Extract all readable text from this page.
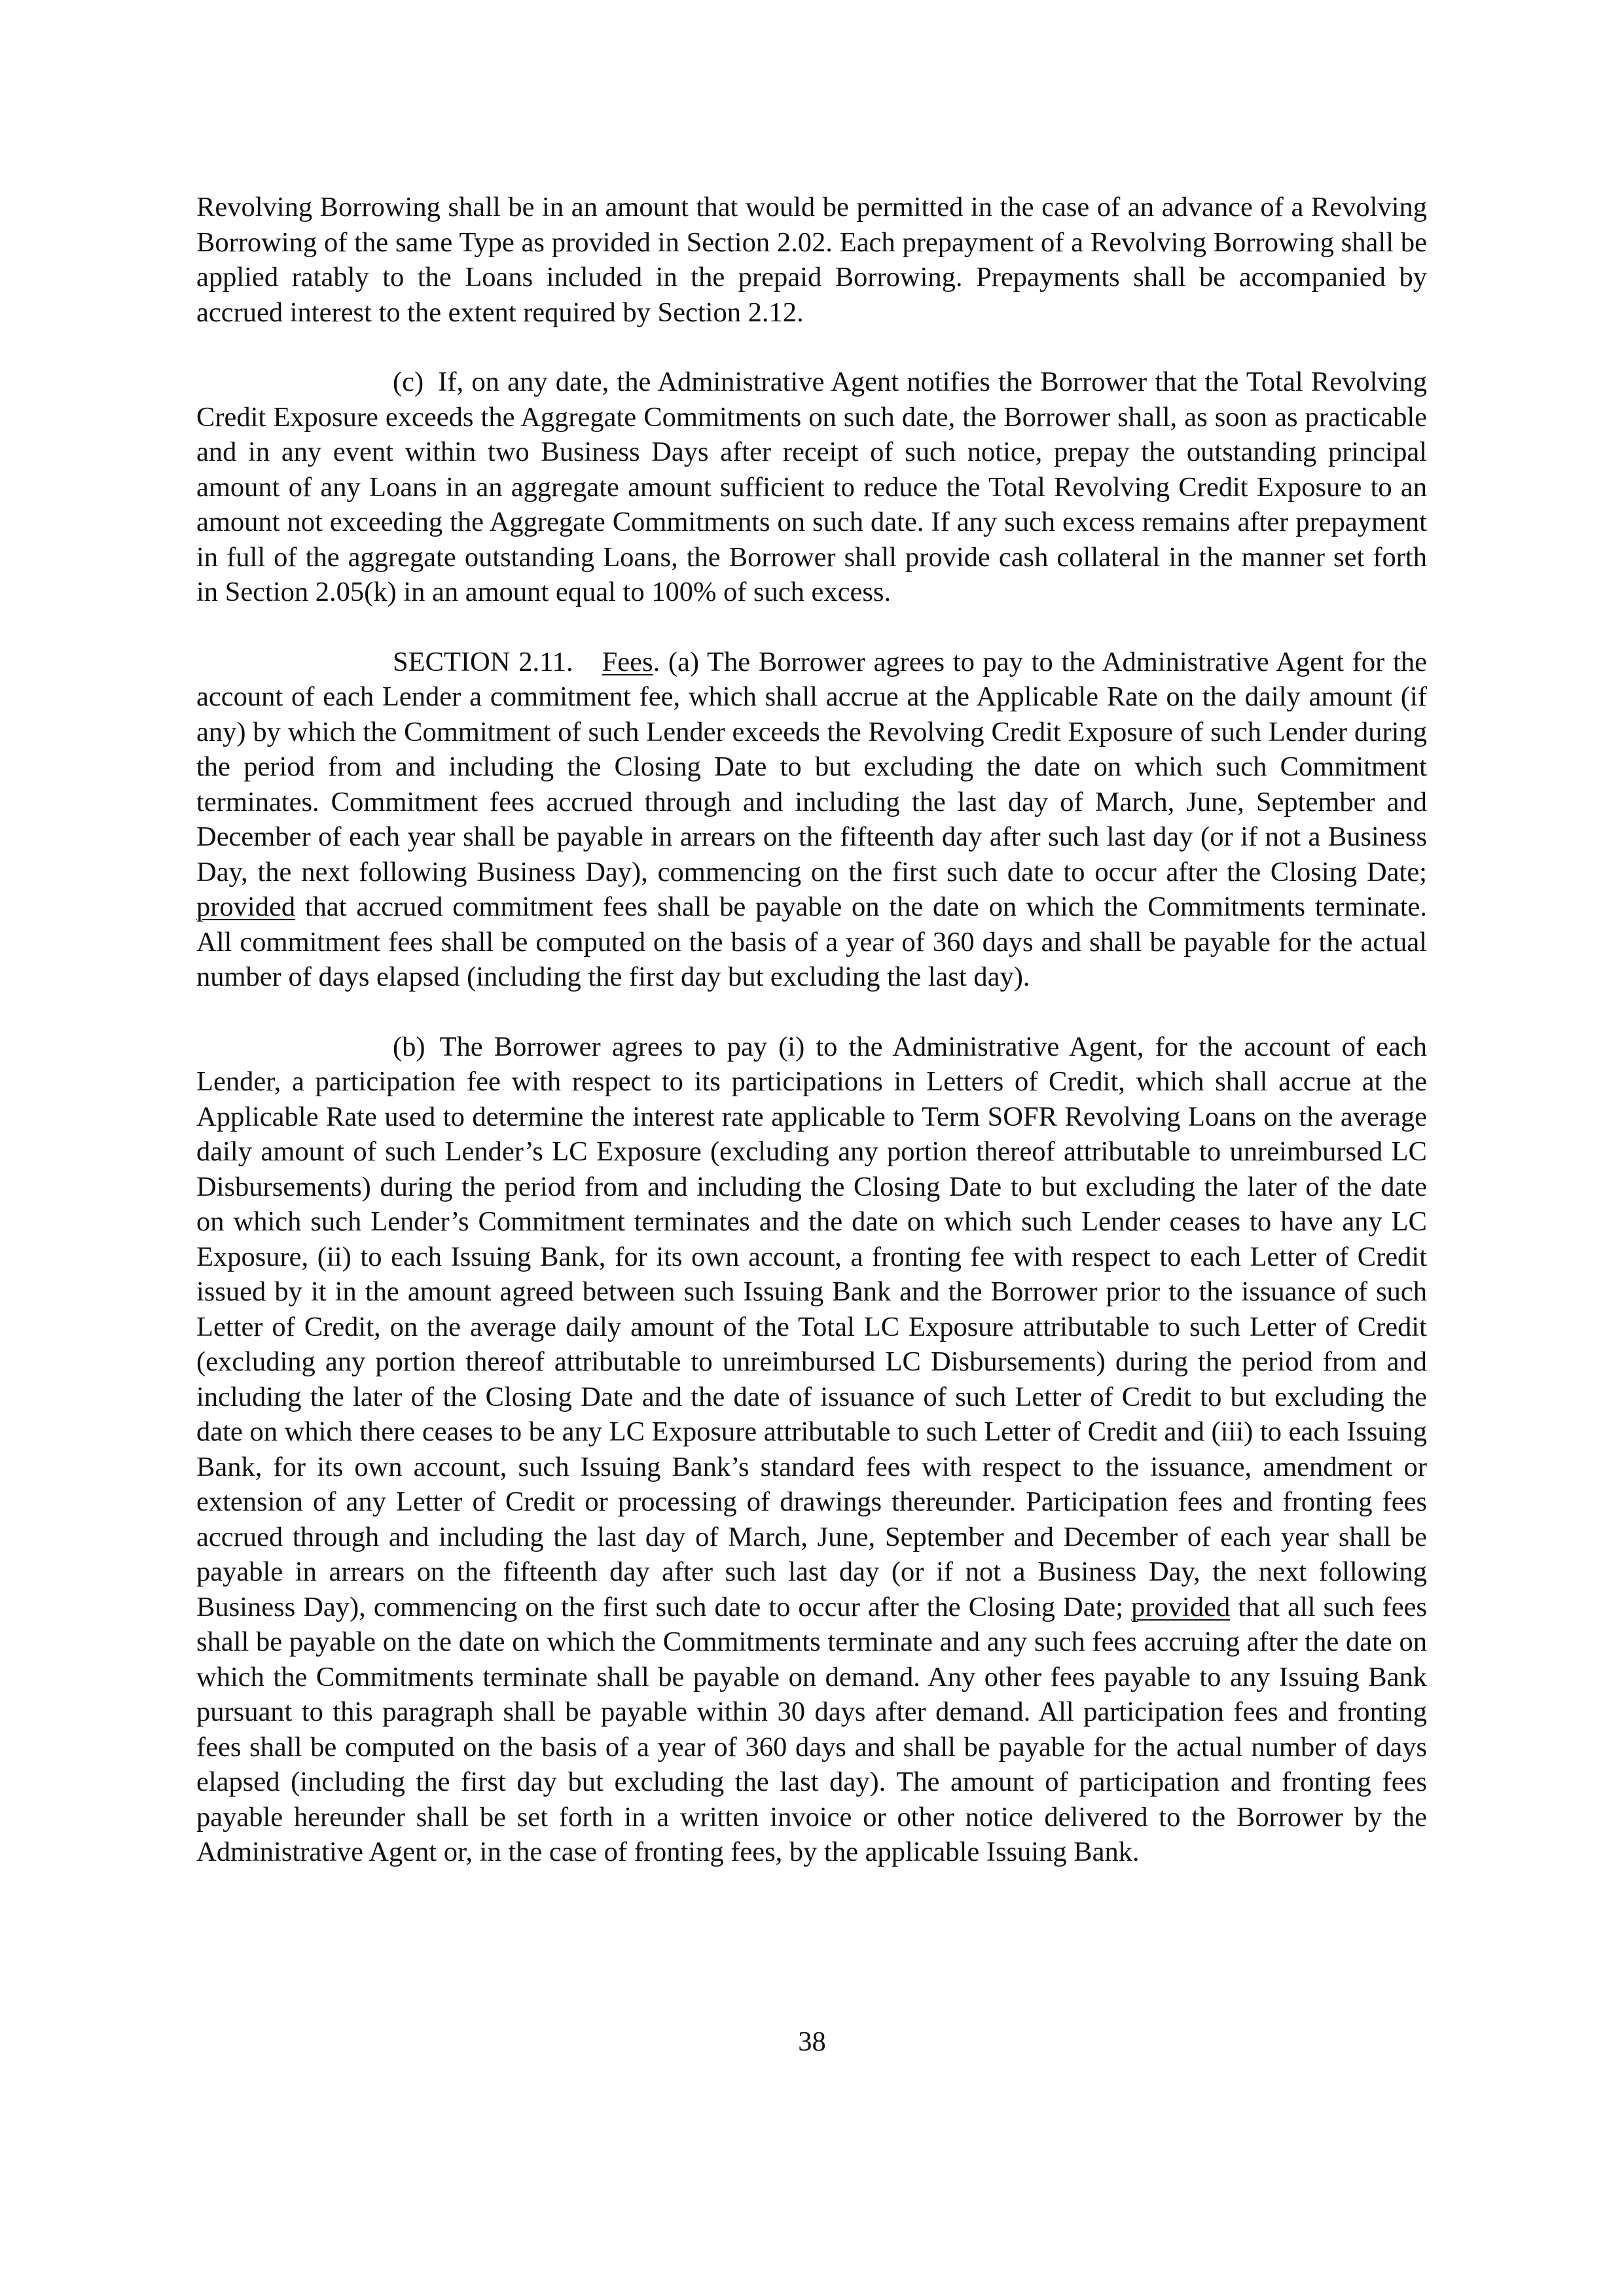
Revolving Borrowing shall be in an amount that would be permitted in the case of an advance of a Revolving Borrowing of the same Type as provided in Section 2.02. Each prepayment of a Revolving Borrowing shall be applied ratably to the Loans included in the prepaid Borrowing. Prepayments shall be accompanied by accrued interest to the extent required by Section 2.12.

(c) If, on any date, the Administrative Agent notifies the Borrower that the Total Revolving Credit Exposure exceeds the Aggregate Commitments on such date, the Borrower shall, as soon as practicable and in any event within two Business Days after receipt of such notice, prepay the outstanding principal amount of any Loans in an aggregate amount sufficient to reduce the Total Revolving Credit Exposure to an amount not exceeding the Aggregate Commitments on such date. If any such excess remains after prepayment in full of the aggregate outstanding Loans, the Borrower shall provide cash collateral in the manner set forth in Section 2.05(k) in an amount equal to 100% of such excess.

SECTION 2.11. Fees. (a) The Borrower agrees to pay to the Administrative Agent for the account of each Lender a commitment fee, which shall accrue at the Applicable Rate on the daily amount (if any) by which the Commitment of such Lender exceeds the Revolving Credit Exposure of such Lender during the period from and including the Closing Date to but excluding the date on which such Commitment terminates. Commitment fees accrued through and including the last day of March, June, September and December of each year shall be payable in arrears on the fifteenth day after such last day (or if not a Business Day, the next following Business Day), commencing on the first such date to occur after the Closing Date; provided that accrued commitment fees shall be payable on the date on which the Commitments terminate. All commitment fees shall be computed on the basis of a year of 360 days and shall be payable for the actual number of days elapsed (including the first day but excluding the last day).

(b) The Borrower agrees to pay (i) to the Administrative Agent, for the account of each Lender, a participation fee with respect to its participations in Letters of Credit, which shall accrue at the Applicable Rate used to determine the interest rate applicable to Term SOFR Revolving Loans on the average daily amount of such Lender’s LC Exposure (excluding any portion thereof attributable to unreimbursed LC Disbursements) during the period from and including the Closing Date to but excluding the later of the date on which such Lender’s Commitment terminates and the date on which such Lender ceases to have any LC Exposure, (ii) to each Issuing Bank, for its own account, a fronting fee with respect to each Letter of Credit issued by it in the amount agreed between such Issuing Bank and the Borrower prior to the issuance of such Letter of Credit, on the average daily amount of the Total LC Exposure attributable to such Letter of Credit (excluding any portion thereof attributable to unreimbursed LC Disbursements) during the period from and including the later of the Closing Date and the date of issuance of such Letter of Credit to but excluding the date on which there ceases to be any LC Exposure attributable to such Letter of Credit and (iii) to each Issuing Bank, for its own account, such Issuing Bank’s standard fees with respect to the issuance, amendment or extension of any Letter of Credit or processing of drawings thereunder. Participation fees and fronting fees accrued through and including the last day of March, June, September and December of each year shall be payable in arrears on the fifteenth day after such last day (or if not a Business Day, the next following Business Day), commencing on the first such date to occur after the Closing Date; provided that all such fees shall be payable on the date on which the Commitments terminate and any such fees accruing after the date on which the Commitments terminate shall be payable on demand. Any other fees payable to any Issuing Bank pursuant to this paragraph shall be payable within 30 days after demand. All participation fees and fronting fees shall be computed on the basis of a year of 360 days and shall be payable for the actual number of days elapsed (including the first day but excluding the last day). The amount of participation and fronting fees payable hereunder shall be set forth in a written invoice or other notice delivered to the Borrower by the Administrative Agent or, in the case of fronting fees, by the applicable Issuing Bank.

38
